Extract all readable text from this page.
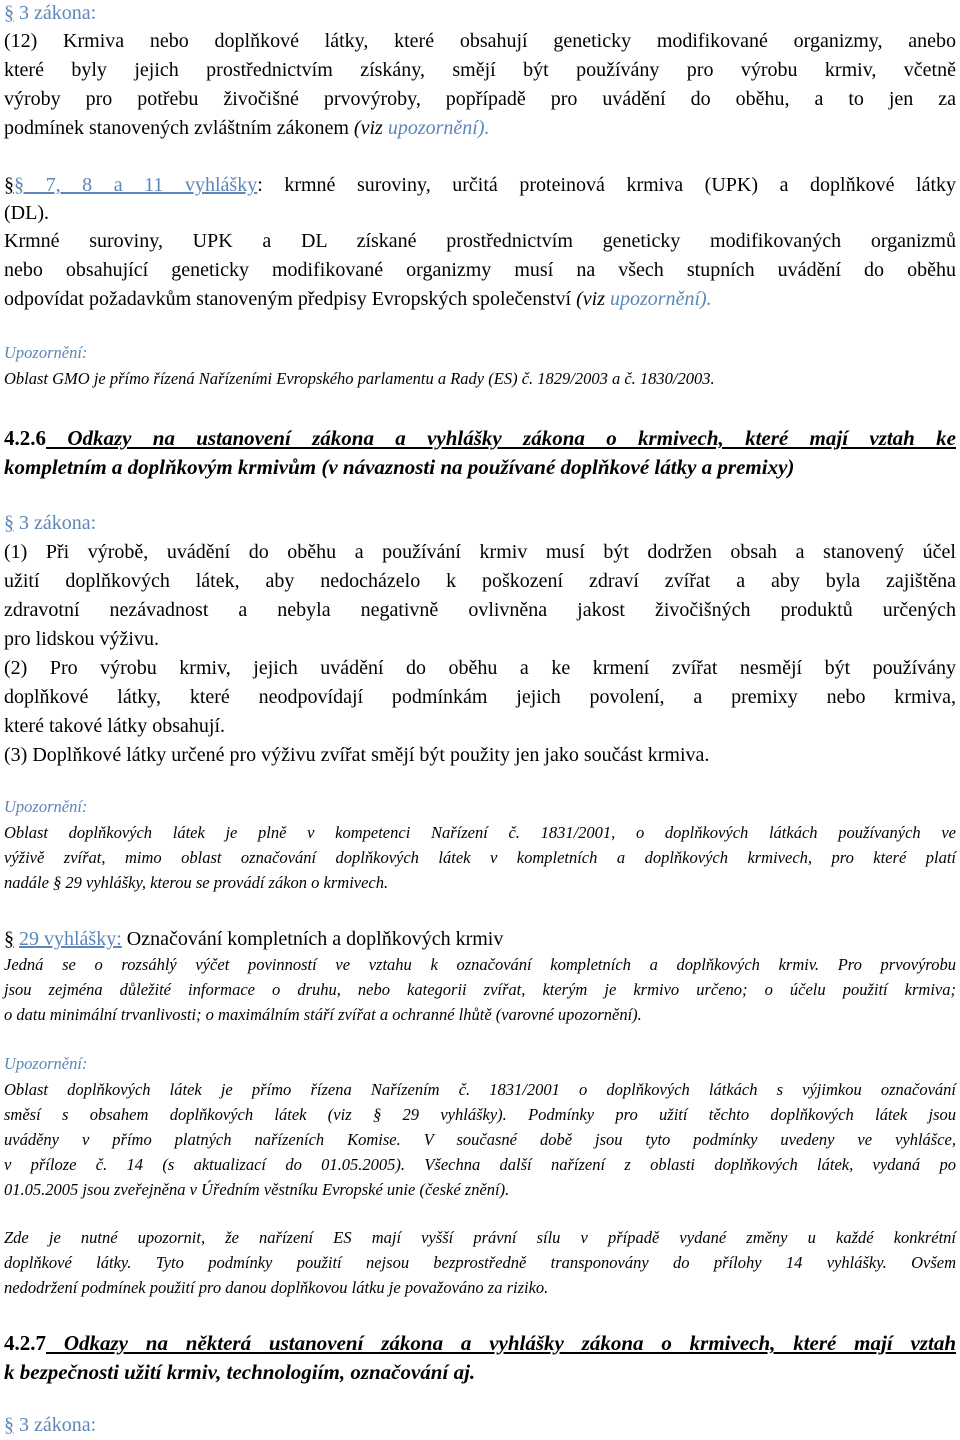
§ 3 zákona:
(12) Krmiva nebo doplňkové látky, které obsahují geneticky modifikované organizmy, anebo
které byly jejich prostřednictvím získány, smějí být používány pro výrobu krmiv, včetně
výroby pro potřebu živočišné prvovýroby, popřípadě pro uvádění do oběhu, a to jen za
podmínek stanovených zvláštním zákonem (viz upozornění).
§§ 7, 8 a 11 vyhlášky: krmné suroviny, určitá proteinová krmiva (UPK) a doplňkové látky
(DL).
Krmné suroviny, UPK a DL získané prostřednictvím geneticky modifikovaných organizmů
nebo obsahující geneticky modifikované organizmy musí na všech stupních uvádění do oběhu
odpovídat požadavkům stanoveným předpisy Evropských společenství (viz upozornění).
Upozornění:
Oblast GMO je přímo řízená Nařízeními Evropského parlamentu a Rady (ES) č. 1829/2003 a č. 1830/2003.
4.2.6 Odkazy na ustanovení zákona a vyhlášky zákona o krmivech, které mají vztah ke
kompletním a doplňkovým krmivům (v návaznosti na používané doplňkové látky a premixy)
§ 3 zákona:
(1) Při výrobě, uvádění do oběhu a používání krmiv musí být dodržen obsah a stanovený účel
užití doplňkových látek, aby nedocházelo k poškození zdraví zvířat a aby byla zajištěna
zdravotní nezávadnost a nebyla negativně ovlivněna jakost živočišných produktů určených
pro lidskou výživu.
(2) Pro výrobu krmiv, jejich uvádění do oběhu a ke krmení zvířat nesmějí být používány
doplňkové látky, které neodpovídají podmínkám jejich povolení, a premixy nebo krmiva,
které takové látky obsahují.
(3) Doplňkové látky určené pro výživu zvířat smějí být použity jen jako součást krmiva.
Upozornění:
Oblast doplňkových látek je plně v kompetenci Nařízení č. 1831/2001, o doplňkových látkách používaných ve
výživě zvířat, mimo oblast označování doplňkových látek v kompletních a doplňkových krmivech, pro které platí
nadále § 29 vyhlášky, kterou se provádí zákon o krmivech.
§ 29 vyhlášky: Označování kompletních a doplňkových krmiv
Jedná se o rozsáhlý výčet povinností ve vztahu k označování kompletních a doplňkových krmiv. Pro prvovýrobu
jsou zejména důležité informace o druhu, nebo kategorii zvířat, kterým je krmivo určeno; o účelu použití krmiva;
o datu minimální trvanlivosti; o maximálním stáří zvířat a ochranné lhůtě (varovné upozornění).
Upozornění:
Oblast doplňkových látek je přímo řízena Nařízením č. 1831/2001 o doplňkových látkách s výjimkou označování
směsí s obsahem doplňkových látek (viz § 29 vyhlášky). Podmínky pro užití těchto doplňkových látek jsou
uváděny v přímo platných nařízeních Komise. V současné době jsou tyto podmínky uvedeny ve vyhlášce,
v příloze č. 14 (s aktualizací do 01.05.2005). Všechna další nařízení z oblasti doplňkových látek, vydaná po
01.05.2005 jsou zveřejněna v Úředním věstníku Evropské unie (české znění).
Zde je nutné upozornit, že nařízení ES mají vyšší právní sílu v případě vydané změny u každé konkrétní
doplňkové látky. Tyto podmínky použití nejsou bezprostředně transponovány do přílohy 14 vyhlášky. Ovšem
nedodržení podmínek použití pro danou doplňkovou látku je považováno za riziko.
4.2.7 Odkazy na některá ustanovení zákona a vyhlášky zákona o krmivech, které mají vztah
k bezpečnosti užití krmiv, technologiím, označování aj.
§ 3 zákona:
